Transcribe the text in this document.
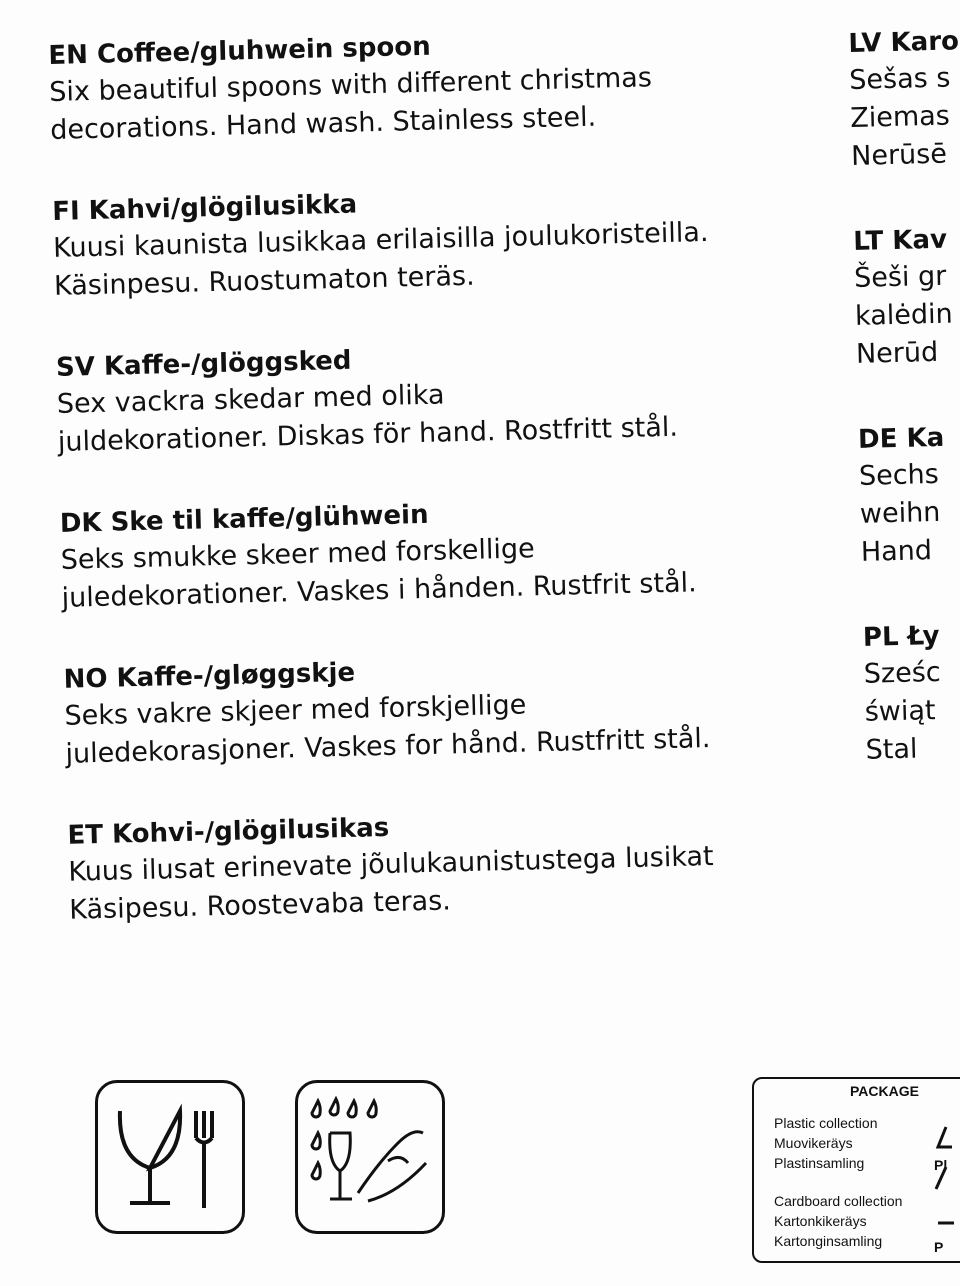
EN Coffee/gluhwein spoon
Six beautiful spoons with different christmas
decorations. Hand wash. Stainless steel.
FI Kahvi/glögilusikka
Kuusi kaunista lusikkaa erilaisilla joulukoristeilla.
Käsinpesu. Ruostumaton teräs.
SV Kaffe-/glöggsked
Sex vackra skedar med olika
juldekorationer. Diskas för hand. Rostfritt stål.
DK Ske til kaffe/glühwein
Seks smukke skeer med forskellige
juledekorationer. Vaskes i hånden. Rustfrit stål.
NO Kaffe-/gløggskje
Seks vakre skjeer med forskjellige
juledekorasjoner. Vaskes for hånd. Rustfritt stål.
ET Kohvi-/glögilusikas
Kuus ilusat erinevate jõulukaunistustega lusikat
Käsipesu. Roostevaba teras.
LV Karo
Sešas s
Ziemas
Nerūsē
LT Kav
Šeši gr
kalėdin
Nerūd
DE Ka
Sechs
weihn
Hand
PL Ły
Sześc
świąt
Stal
PACKAGE
Plastic collection
Muovikeräys
Plastinsamling
Cardboard collection
Kartonkikeräys
Kartonginsamling
Pl
P
